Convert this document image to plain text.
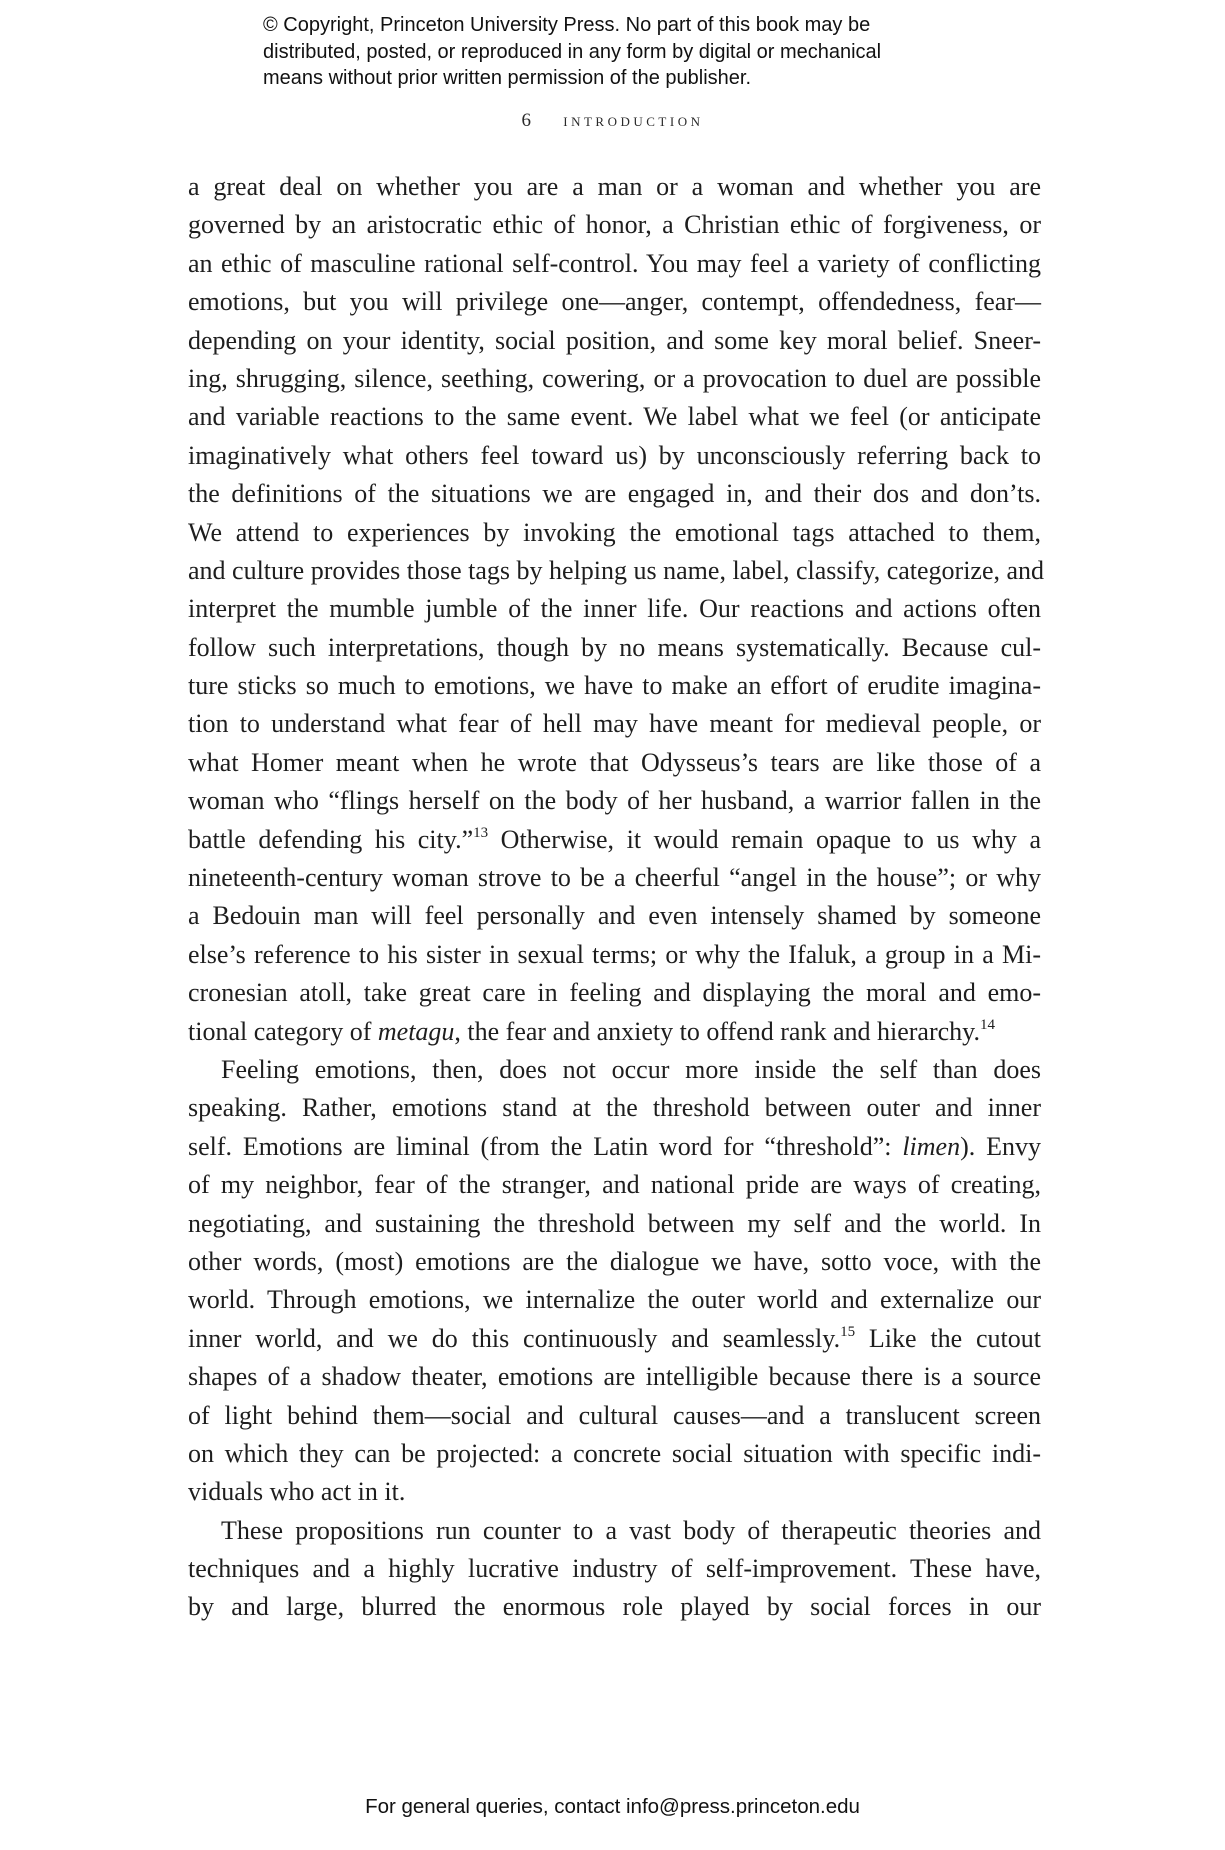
© Copyright, Princeton University Press. No part of this book may be
distributed, posted, or reproduced in any form by digital or mechanical
means without prior written permission of the publisher.
6 introduction
a great deal on whether you are a man or a woman and whether you are
governed by an aristocratic ethic of honor, a Christian ethic of forgiveness, or
an ethic of masculine rational self-control. You may feel a variety of conflicting
emotions, but you will privilege one—anger, contempt, offendedness, fear—
depending on your identity, social position, and some key moral belief. Sneer-
ing, shrugging, silence, seething, cowering, or a provocation to duel are possible
and variable reactions to the same event. We label what we feel (or anticipate
imaginatively what others feel toward us) by unconsciously referring back to
the definitions of the situations we are engaged in, and their dos and don’ts.
We attend to experiences by invoking the emotional tags attached to them,
and culture provides those tags by helping us name, label, classify, categorize, and
interpret the mumble jumble of the inner life. Our reactions and actions often
follow such interpretations, though by no means systematically. Because cul-
ture sticks so much to emotions, we have to make an effort of erudite imagina-
tion to understand what fear of hell may have meant for medieval people, or
what Homer meant when he wrote that Odysseus’s tears are like those of a
woman who “flings herself on the body of her husband, a warrior fallen in the
battle defending his city.”$^{13}$ Otherwise, it would remain opaque to us why a
nineteenth-century woman strove to be a cheerful “angel in the house”; or why
a Bedouin man will feel personally and even intensely shamed by someone
else’s reference to his sister in sexual terms; or why the Ifaluk, a group in a Mi-
cronesian atoll, take great care in feeling and displaying the moral and emo-
tional category of metagu, the fear and anxiety to offend rank and hierarchy.$^{14}$
Feeling emotions, then, does not occur more inside the self than does
speaking. Rather, emotions stand at the threshold between outer and inner
self. Emotions are liminal (from the Latin word for “threshold”: limen). Envy
of my neighbor, fear of the stranger, and national pride are ways of creating,
negotiating, and sustaining the threshold between my self and the world. In
other words, (most) emotions are the dialogue we have, sotto voce, with the
world. Through emotions, we internalize the outer world and externalize our
inner world, and we do this continuously and seamlessly.$^{15}$ Like the cutout
shapes of a shadow theater, emotions are intelligible because there is a source
of light behind them—social and cultural causes—and a translucent screen
on which they can be projected: a concrete social situation with specific indi-
viduals who act in it.
These propositions run counter to a vast body of therapeutic theories and
techniques and a highly lucrative industry of self-improvement. These have,
by and large, blurred the enormous role played by social forces in our
For general queries, contact info@press.princeton.edu
